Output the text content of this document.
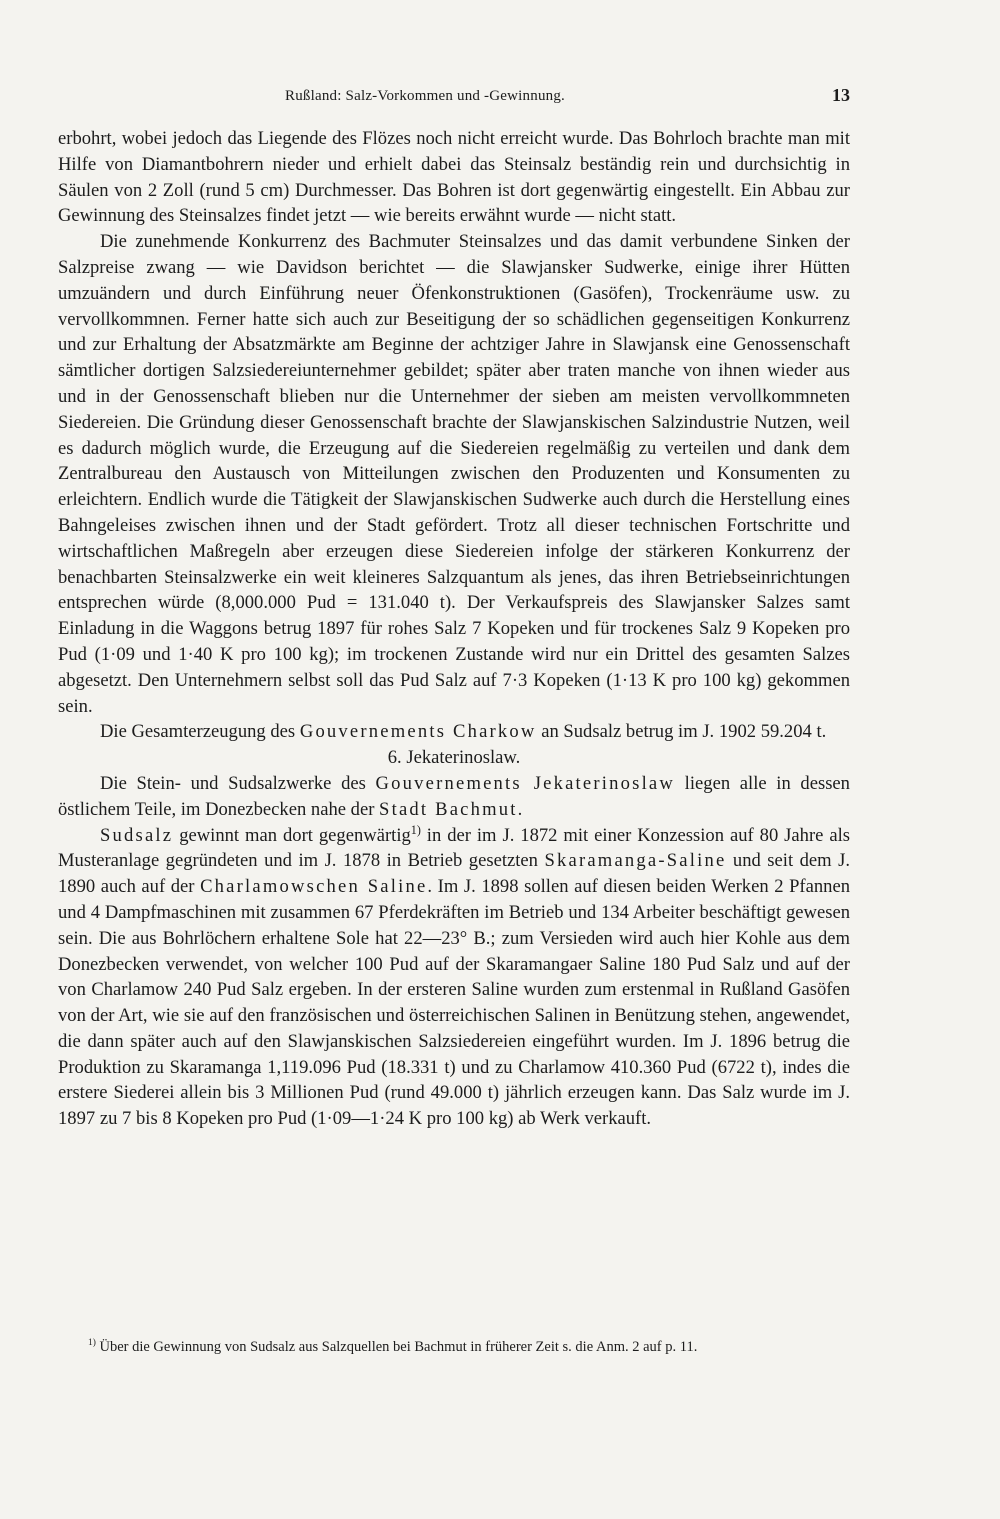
Rußland: Salz-Vorkommen und -Gewinnung.	13

erbohrt, wobei jedoch das Liegende des Flözes noch nicht erreicht wurde. Das Bohrloch brachte man mit Hilfe von Diamantbohrern nieder und erhielt dabei das Steinsalz beständig rein und durchsichtig in Säulen von 2 Zoll (rund 5 cm) Durchmesser. Das Bohren ist dort gegenwärtig eingestellt. Ein Abbau zur Gewinnung des Steinsalzes findet jetzt — wie bereits erwähnt wurde — nicht statt.

Die zunehmende Konkurrenz des Bachmuter Steinsalzes und das damit verbundene Sinken der Salzpreise zwang — wie Davidson berichtet — die Slawjansker Sudwerke, einige ihrer Hütten umzuändern und durch Einführung neuer Öfenkonstruktionen (Gasöfen), Trockenräume usw. zu vervollkommnen. Ferner hatte sich auch zur Beseitigung der so schädlichen gegenseitigen Konkurrenz und zur Erhaltung der Absatzmärkte am Beginne der achtziger Jahre in Slawjansk eine Genossenschaft sämtlicher dortigen Salzsiedereiunternehmer gebildet; später aber traten manche von ihnen wieder aus und in der Genossenschaft blieben nur die Unternehmer der sieben am meisten vervollkommneten Siedereien. Die Gründung dieser Genossenschaft brachte der Slawjanskischen Salzindustrie Nutzen, weil es dadurch möglich wurde, die Erzeugung auf die Siedereien regelmäßig zu verteilen und dank dem Zentralbureau den Austausch von Mitteilungen zwischen den Produzenten und Konsumenten zu erleichtern. Endlich wurde die Tätigkeit der Slawjanskischen Sudwerke auch durch die Herstellung eines Bahngeleises zwischen ihnen und der Stadt gefördert. Trotz all dieser technischen Fortschritte und wirtschaftlichen Maßregeln aber erzeugen diese Siedereien infolge der stärkeren Konkurrenz der benachbarten Steinsalzwerke ein weit kleineres Salzquantum als jenes, das ihren Betriebseinrichtungen entsprechen würde (8,000.000 Pud = 131.040 t). Der Verkaufspreis des Slawjansker Salzes samt Einladung in die Waggons betrug 1897 für rohes Salz 7 Kopeken und für trockenes Salz 9 Kopeken pro Pud (1·09 und 1·40 K pro 100 kg); im trockenen Zustande wird nur ein Drittel des gesamten Salzes abgesetzt. Den Unternehmern selbst soll das Pud Salz auf 7·3 Kopeken (1·13 K pro 100 kg) gekommen sein.

Die Gesamterzeugung des Gouvernements Charkow an Sudsalz betrug im J. 1902 59.204 t.

6. Jekaterinoslaw.

Die Stein- und Sudsalzwerke des Gouvernements Jekaterinoslaw liegen alle in dessen östlichem Teile, im Donezbecken nahe der Stadt Bachmut.

Sudsalz gewinnt man dort gegenwärtig$^{1)}$ in der im J. 1872 mit einer Konzession auf 80 Jahre als Musteranlage gegründeten und im J. 1878 in Betrieb gesetzten Skaramanga-Saline und seit dem J. 1890 auch auf der Charlamowschen Saline. Im J. 1898 sollen auf diesen beiden Werken 2 Pfannen und 4 Dampfmaschinen mit zusammen 67 Pferdekräften im Betrieb und 134 Arbeiter beschäftigt gewesen sein. Die aus Bohrlöchern erhaltene Sole hat 22—23° B.; zum Versieden wird auch hier Kohle aus dem Donezbecken verwendet, von welcher 100 Pud auf der Skaramangaer Saline 180 Pud Salz und auf der von Charlamow 240 Pud Salz ergeben. In der ersteren Saline wurden zum erstenmal in Rußland Gasöfen von der Art, wie sie auf den französischen und österreichischen Salinen in Benützung stehen, angewendet, die dann später auch auf den Slawjanskischen Salzsiedereien eingeführt wurden. Im J. 1896 betrug die Produktion zu Skaramanga 1,119.096 Pud (18.331 t) und zu Charlamow 410.360 Pud (6722 t), indes die erstere Siederei allein bis 3 Millionen Pud (rund 49.000 t) jährlich erzeugen kann. Das Salz wurde im J. 1897 zu 7 bis 8 Kopeken pro Pud (1·09—1·24 K pro 100 kg) ab Werk verkauft.

$^{1)}$ Über die Gewinnung von Sudsalz aus Salzquellen bei Bachmut in früherer Zeit s. die Anm. 2 auf p. 11.
